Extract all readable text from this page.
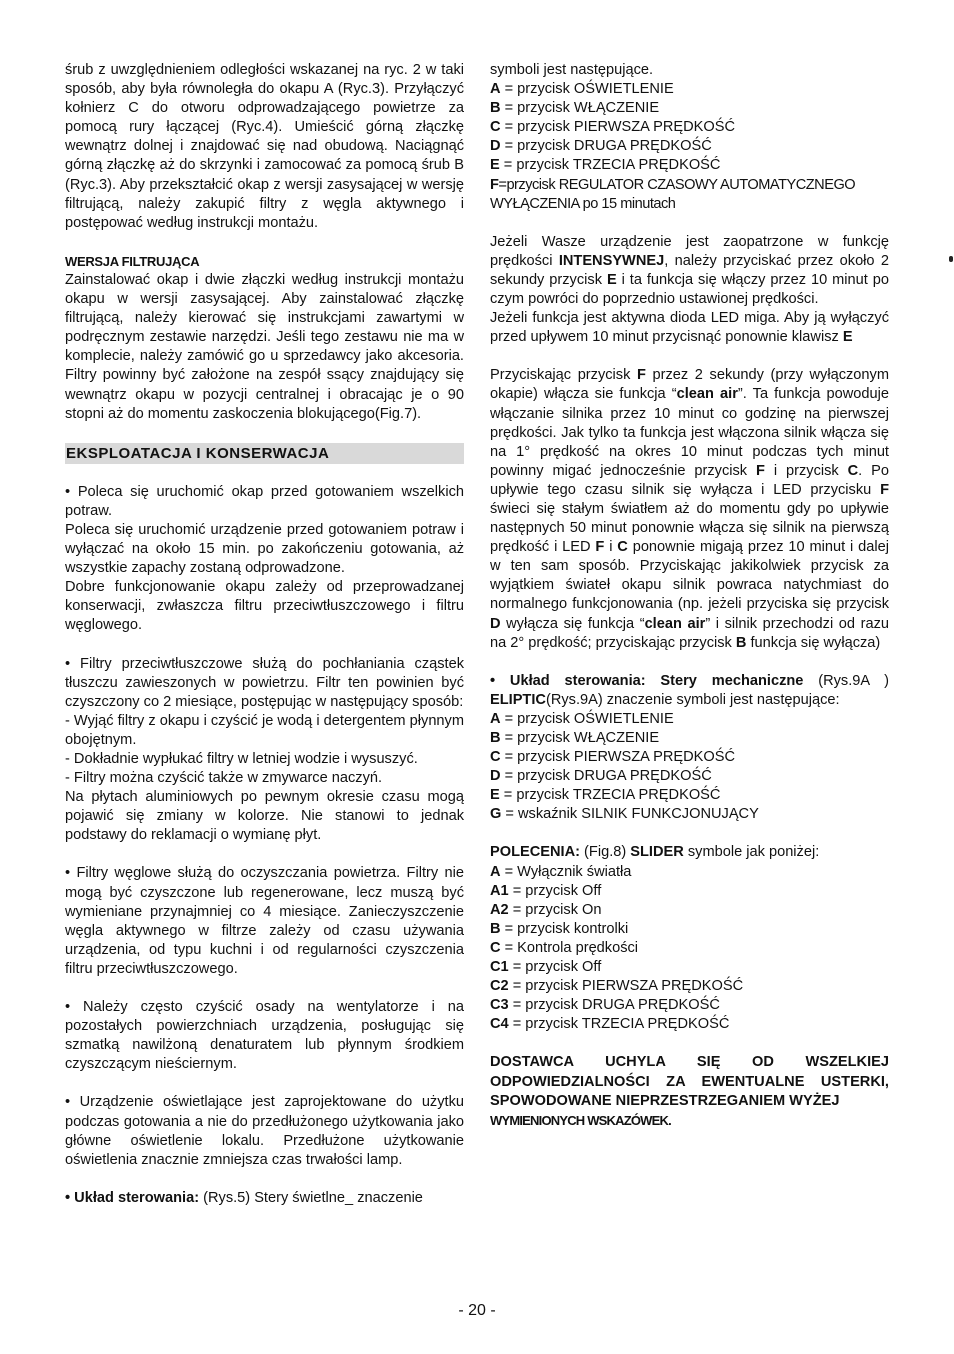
śrub z uwzględnieniem odległości wskazanej na ryc. 2 w taki sposób, aby była równoległa do okapu A (Ryc.3). Przyłączyć kołnierz C do otworu odprowadzającego powietrze za pomocą rury łączącej (Ryc.4). Umieścić górną złączkę wewnątrz dolnej i znajdować się nad obudową. Naciągnąć górną złączkę aż do skrzynki i zamocować za pomocą śrub B (Ryc.3). Aby przekształcić okap z wersji zasysającej w wersję filtrującą, należy zakupić filtry z węgla aktywnego i postępować według instrukcji montażu.

WERSJA FILTRUJĄCA

Zainstalować okap i dwie złączki według instrukcji montażu okapu w wersji zasysającej. Aby zainstalować złączkę filtrującą, należy kierować się instrukcjami zawartymi w podręcznym zestawie narzędzi. Jeśli tego zestawu nie ma w komplecie, należy zamówić go u sprzedawcy jako akcesoria. Filtry powinny być założone na zespół ssący znajdujący się wewnątrz okapu w pozycji centralnej i obracając je o 90 stopni aż do momentu zaskoczenia blokującego(Fig.7).

EKSPLOATACJA I KONSERWACJA

• Poleca się uruchomić okap przed gotowaniem wszelkich potraw.

Poleca się uruchomić urządzenie przed gotowaniem potraw i wyłączać na około 15 min. po zakończeniu gotowania, aż wszystkie zapachy zostaną odprowadzone.

Dobre funkcjonowanie okapu zależy od przeprowadzanej konserwacji, zwłaszcza filtru przeciwtłuszczowego i filtru węglowego.

• Filtry przeciwtłuszczowe służą do pochłaniania cząstek tłuszczu zawieszonych w powietrzu. Filtr ten powinien być czyszczony co 2 miesiące, postępując w następujący sposób:

- Wyjąć filtry z okapu i czyścić je wodą i detergentem płynnym obojętnym.

- Dokładnie wypłukać filtry w letniej wodzie i wysuszyć.

- Filtry można czyścić także w zmywarce naczyń.

Na płytach aluminiowych po pewnym okresie czasu mogą pojawić się zmiany w kolorze. Nie stanowi to jednak podstawy do reklamacji o wymianę płyt.

• Filtry węglowe służą do oczyszczania powietrza. Filtry nie mogą być czyszczone lub regenerowane, lecz muszą być wymieniane przynajmniej co 4 miesiące. Zanieczyszczenie węgla aktywnego w filtrze zależy od czasu używania urządzenia, od typu kuchni i od regularności czyszczenia filtru przeciwtłuszczowego.

• Należy często czyścić osady na wentylatorze i na pozostałych powierzchniach urządzenia, posługując się szmatką nawilżoną denaturatem lub płynnym środkiem czyszczącym nieściernym.

• Urządzenie oświetlające jest zaprojektowane do użytku podczas gotowania a nie do przedłużonego użytkowania jako główne oświetlenie lokalu. Przedłużone użytkowanie oświetlenia znacznie zmniejsza czas trwałości lamp.

• Układ sterowania: (Rys.5) Stery świetlne_ znaczenie

symboli jest następujące.

A = przycisk OŚWIETLENIE
B = przycisk WŁĄCZENIE
C = przycisk PIERWSZA PRĘDKOŚĆ
D = przycisk DRUGA PRĘDKOŚĆ
E = przycisk TRZECIA PRĘDKOŚĆ
F=przycisk REGULATOR CZASOWY AUTOMATYCZNEGO WYŁĄCZENIA po 15 minutach

Jeżeli Wasze urządzenie jest zaopatrzone w funkcję prędkości INTENSYWNEJ, należy przyciskać przez około 2 sekundy przycisk E i ta funkcja się włączy przez 10 minut po czym powróci do poprzednio ustawionej prędkości.

Jeżeli funkcja jest aktywna dioda LED miga. Aby ją wyłączyć przed upływem 10 minut przycisnąć ponownie klawisz E

Przyciskając przycisk F przez 2 sekundy (przy wyłączonym okapie) włącza sie funkcja “clean air”. Ta funkcja powoduje włączanie silnika przez 10 minut co godzinę na pierwszej prędkości. Jak tylko ta funkcja jest włączona silnik włącza się na 1° prędkość na okres 10 minut podczas tych minut powinny migać jednocześnie przycisk F i przycisk C. Po upływie tego czasu silnik się wyłącza i LED przycisku F świeci się stałym światłem aż do momentu gdy po upływie następnych 50 minut ponownie włącza się silnik na pierwszą prędkość i LED F i C ponownie migają przez 10 minut i dalej w ten sam sposób. Przyciskając jakikolwiek przycisk za wyjątkiem świateł okapu silnik powraca natychmiast do normalnego funkcjonowania (np. jeżeli przyciska się przycisk D wyłącza się funkcja “clean air” i silnik przechodzi od razu na 2° prędkość; przyciskając przycisk B funkcja się wyłącza)

• Układ sterowania: Stery mechaniczne (Rys.9A ) ELIPTIC(Rys.9A) znaczenie symboli jest następujące:

A = przycisk OŚWIETLENIE
B = przycisk WŁĄCZENIE
C = przycisk PIERWSZA PRĘDKOŚĆ
D = przycisk DRUGA PRĘDKOŚĆ
E = przycisk TRZECIA PRĘDKOŚĆ
G = wskaźnik SILNIK FUNKCJONUJĄCY

POLECENIA: (Fig.8) SLIDER symbole jak poniżej:

A = Wyłącznik światła
A1 = przycisk Off
A2 = przycisk On
B = przycisk kontrolki
C = Kontrola prędkości
C1 = przycisk Off
C2 = przycisk PIERWSZA PRĘDKOŚĆ
C3 = przycisk DRUGA PRĘDKOŚĆ
C4 = przycisk TRZECIA PRĘDKOŚĆ

DOSTAWCA UCHYLA SIĘ OD WSZELKIEJ ODPOWIEDZIALNOŚCI ZA EWENTUALNE USTERKI, SPOWODOWANE NIEPRZESTRZEGANIEM WYŻEJ

WYMIENIONYCH WSKAZÓWEK.
- 20 -
